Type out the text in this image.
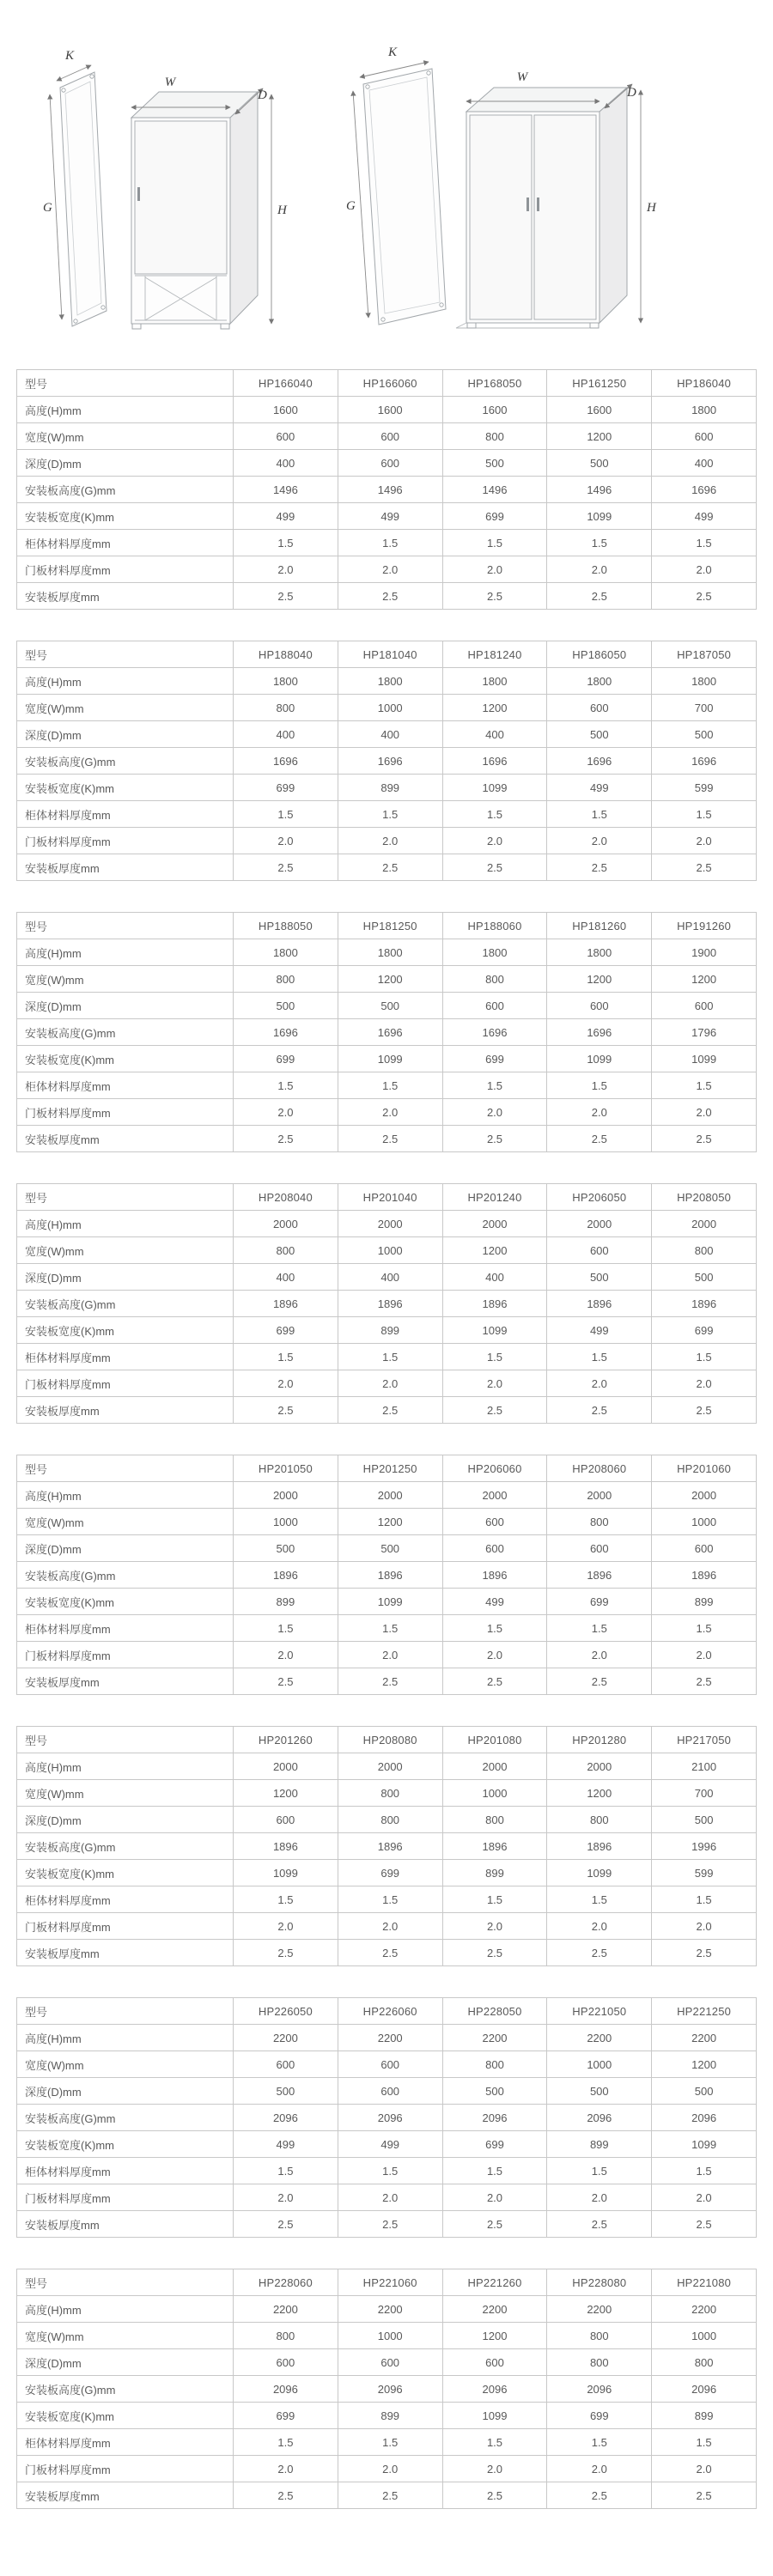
K
G
W
D
H
K
G
W
D
H
型号	HP166040	HP166060	HP168050	HP161250	HP186040
高度(H)mm	1600	1600	1600	1600	1800
宽度(W)mm	600	600	800	1200	600
深度(D)mm	400	600	500	500	400
安装板高度(G)mm	1496	1496	1496	1496	1696
安装板宽度(K)mm	499	499	699	1099	499
柜体材料厚度mm	1.5	1.5	1.5	1.5	1.5
门板材料厚度mm	2.0	2.0	2.0	2.0	2.0
安装板厚度mm	2.5	2.5	2.5	2.5	2.5
型号	HP188040	HP181040	HP181240	HP186050	HP187050
高度(H)mm	1800	1800	1800	1800	1800
宽度(W)mm	800	1000	1200	600	700
深度(D)mm	400	400	400	500	500
安装板高度(G)mm	1696	1696	1696	1696	1696
安装板宽度(K)mm	699	899	1099	499	599
柜体材料厚度mm	1.5	1.5	1.5	1.5	1.5
门板材料厚度mm	2.0	2.0	2.0	2.0	2.0
安装板厚度mm	2.5	2.5	2.5	2.5	2.5
型号	HP188050	HP181250	HP188060	HP181260	HP191260
高度(H)mm	1800	1800	1800	1800	1900
宽度(W)mm	800	1200	800	1200	1200
深度(D)mm	500	500	600	600	600
安装板高度(G)mm	1696	1696	1696	1696	1796
安装板宽度(K)mm	699	1099	699	1099	1099
柜体材料厚度mm	1.5	1.5	1.5	1.5	1.5
门板材料厚度mm	2.0	2.0	2.0	2.0	2.0
安装板厚度mm	2.5	2.5	2.5	2.5	2.5
型号	HP208040	HP201040	HP201240	HP206050	HP208050
高度(H)mm	2000	2000	2000	2000	2000
宽度(W)mm	800	1000	1200	600	800
深度(D)mm	400	400	400	500	500
安装板高度(G)mm	1896	1896	1896	1896	1896
安装板宽度(K)mm	699	899	1099	499	699
柜体材料厚度mm	1.5	1.5	1.5	1.5	1.5
门板材料厚度mm	2.0	2.0	2.0	2.0	2.0
安装板厚度mm	2.5	2.5	2.5	2.5	2.5
型号	HP201050	HP201250	HP206060	HP208060	HP201060
高度(H)mm	2000	2000	2000	2000	2000
宽度(W)mm	1000	1200	600	800	1000
深度(D)mm	500	500	600	600	600
安装板高度(G)mm	1896	1896	1896	1896	1896
安装板宽度(K)mm	899	1099	499	699	899
柜体材料厚度mm	1.5	1.5	1.5	1.5	1.5
门板材料厚度mm	2.0	2.0	2.0	2.0	2.0
安装板厚度mm	2.5	2.5	2.5	2.5	2.5
型号	HP201260	HP208080	HP201080	HP201280	HP217050
高度(H)mm	2000	2000	2000	2000	2100
宽度(W)mm	1200	800	1000	1200	700
深度(D)mm	600	800	800	800	500
安装板高度(G)mm	1896	1896	1896	1896	1996
安装板宽度(K)mm	1099	699	899	1099	599
柜体材料厚度mm	1.5	1.5	1.5	1.5	1.5
门板材料厚度mm	2.0	2.0	2.0	2.0	2.0
安装板厚度mm	2.5	2.5	2.5	2.5	2.5
型号	HP226050	HP226060	HP228050	HP221050	HP221250
高度(H)mm	2200	2200	2200	2200	2200
宽度(W)mm	600	600	800	1000	1200
深度(D)mm	500	600	500	500	500
安装板高度(G)mm	2096	2096	2096	2096	2096
安装板宽度(K)mm	499	499	699	899	1099
柜体材料厚度mm	1.5	1.5	1.5	1.5	1.5
门板材料厚度mm	2.0	2.0	2.0	2.0	2.0
安装板厚度mm	2.5	2.5	2.5	2.5	2.5
型号	HP228060	HP221060	HP221260	HP228080	HP221080
高度(H)mm	2200	2200	2200	2200	2200
宽度(W)mm	800	1000	1200	800	1000
深度(D)mm	600	600	600	800	800
安装板高度(G)mm	2096	2096	2096	2096	2096
安装板宽度(K)mm	699	899	1099	699	899
柜体材料厚度mm	1.5	1.5	1.5	1.5	1.5
门板材料厚度mm	2.0	2.0	2.0	2.0	2.0
安装板厚度mm	2.5	2.5	2.5	2.5	2.5
